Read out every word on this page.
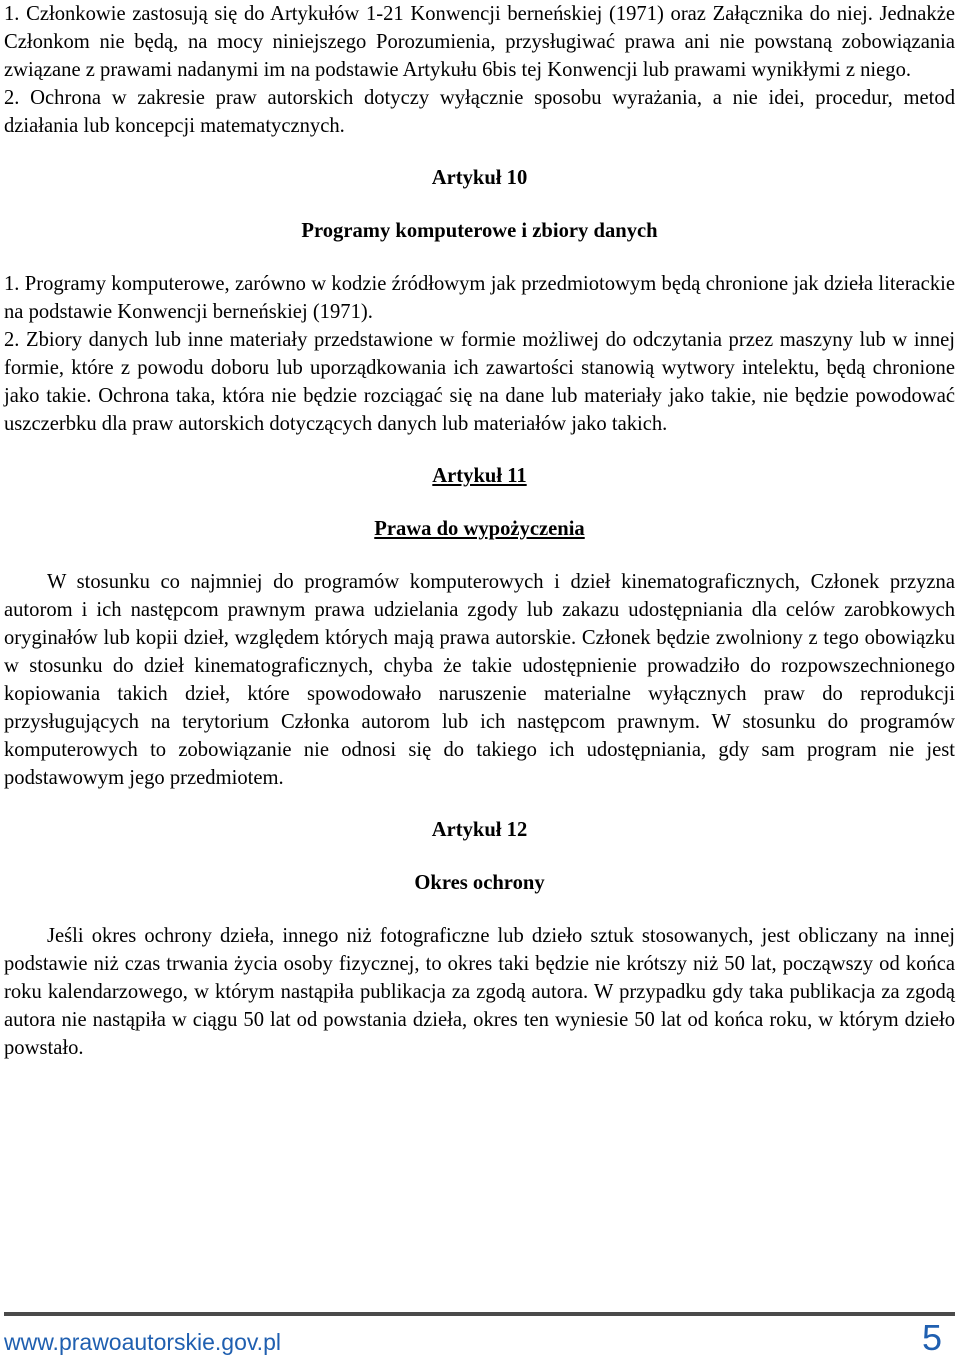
1. Członkowie zastosują się do Artykułów 1-21 Konwencji berneńskiej (1971) oraz Załącznika do niej. Jednakże Członkom nie będą, na mocy niniejszego Porozumienia, przysługiwać prawa ani nie powstaną zobowiązania związane z prawami nadanymi im na podstawie Artykułu 6bis tej Konwencji lub prawami wynikłymi z niego.

2. Ochrona w zakresie praw autorskich dotyczy wyłącznie sposobu wyrażania, a nie idei, procedur, metod działania lub koncepcji matematycznych.

Artykuł 10

Programy komputerowe i zbiory danych

1. Programy komputerowe, zarówno w kodzie źródłowym jak przedmiotowym będą chronione jak dzieła literackie na podstawie Konwencji berneńskiej (1971).

2. Zbiory danych lub inne materiały przedstawione w formie możliwej do odczytania przez maszyny lub w innej formie, które z powodu doboru lub uporządkowania ich zawartości stanowią wytwory intelektu, będą chronione jako takie. Ochrona taka, która nie będzie rozciągać się na dane lub materiały jako takie, nie będzie powodować uszczerbku dla praw autorskich dotyczących danych lub materiałów jako takich.

Artykuł 11

Prawa do wypożyczenia

W stosunku co najmniej do programów komputerowych i dzieł kinematograficznych, Członek przyzna autorom i ich następcom prawnym prawa udzielania zgody lub zakazu udostępniania dla celów zarobkowych oryginałów lub kopii dzieł, względem których mają prawa autorskie. Członek będzie zwolniony z tego obowiązku w stosunku do dzieł kinematograficznych, chyba że takie udostępnienie prowadziło do rozpowszechnionego kopiowania takich dzieł, które spowodowało naruszenie materialne wyłącznych praw do reprodukcji przysługujących na terytorium Członka autorom lub ich następcom prawnym. W stosunku do programów komputerowych to zobowiązanie nie odnosi się do takiego ich udostępniania, gdy sam program nie jest podstawowym jego przedmiotem.

Artykuł 12

Okres ochrony

Jeśli okres ochrony dzieła, innego niż fotograficzne lub dzieło sztuk stosowanych, jest obliczany na innej podstawie niż czas trwania życia osoby fizycznej, to okres taki będzie nie krótszy niż 50 lat, począwszy od końca roku kalendarzowego, w którym nastąpiła publikacja za zgodą autora. W przypadku gdy taka publikacja za zgodą autora nie nastąpiła w ciągu 50 lat od powstania dzieła, okres ten wyniesie 50 lat od końca roku, w którym dzieło powstało.

www.prawoautorskie.gov.pl	5
